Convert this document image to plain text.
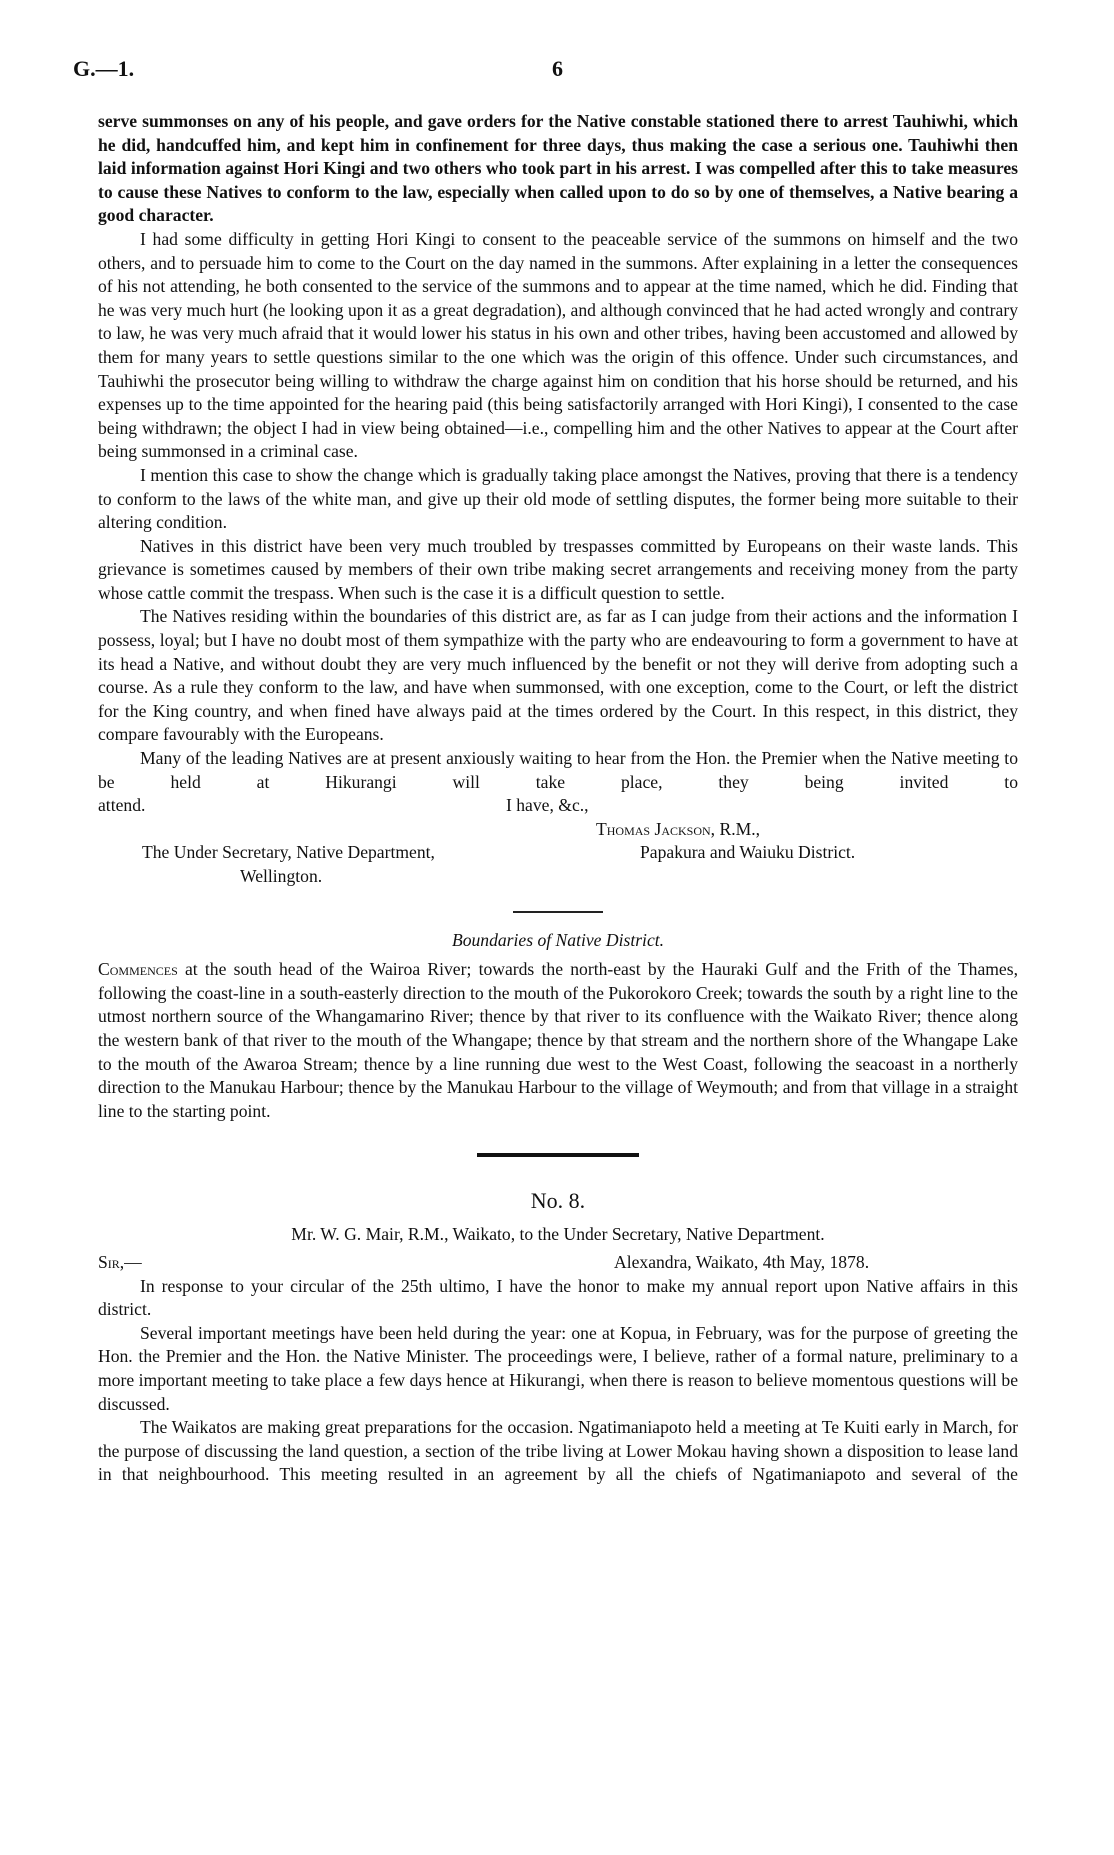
G.—1.	6

serve summonses on any of his people, and gave orders for the Native constable stationed there to arrest Tauhiwhi, which he did, handcuffed him, and kept him in confinement for three days, thus making the case a serious one. Tauhiwhi then laid information against Hori Kingi and two others who took part in his arrest. I was compelled after this to take measures to cause these Natives to conform to the law, especially when called upon to do so by one of themselves, a Native bearing a good character.

I had some difficulty in getting Hori Kingi to consent to the peaceable service of the summons on himself and the two others, and to persuade him to come to the Court on the day named in the summons. After explaining in a letter the consequences of his not attending, he both consented to the service of the summons and to appear at the time named, which he did. Finding that he was very much hurt (he looking upon it as a great degradation), and although convinced that he had acted wrongly and contrary to law, he was very much afraid that it would lower his status in his own and other tribes, having been accustomed and allowed by them for many years to settle questions similar to the one which was the origin of this offence. Under such circumstances, and Tauhiwhi the prosecutor being willing to withdraw the charge against him on condition that his horse should be returned, and his expenses up to the time appointed for the hearing paid (this being satisfactorily arranged with Hori Kingi), I consented to the case being withdrawn; the object I had in view being obtained—i.e., compelling him and the other Natives to appear at the Court after being summonsed in a criminal case.

I mention this case to show the change which is gradually taking place amongst the Natives, proving that there is a tendency to conform to the laws of the white man, and give up their old mode of settling disputes, the former being more suitable to their altering condition.

Natives in this district have been very much troubled by trespasses committed by Europeans on their waste lands. This grievance is sometimes caused by members of their own tribe making secret arrangements and receiving money from the party whose cattle commit the trespass. When such is the case it is a difficult question to settle.

The Natives residing within the boundaries of this district are, as far as I can judge from their actions and the information I possess, loyal; but I have no doubt most of them sympathize with the party who are endeavouring to form a government to have at its head a Native, and without doubt they are very much influenced by the benefit or not they will derive from adopting such a course. As a rule they conform to the law, and have when summonsed, with one exception, come to the Court, or left the district for the King country, and when fined have always paid at the times ordered by the Court. In this respect, in this district, they compare favourably with the Europeans.

Many of the leading Natives are at present anxiously waiting to hear from the Hon. the Premier when the Native meeting to be held at Hikurangi will take place, they being invited to

attend.	I have, &c.,
Thomas Jackson, R.M.,
The Under Secretary, Native Department,	Papakura and Waiuku District.
Wellington.
Boundaries of Native District.

Commences at the south head of the Wairoa River; towards the north-east by the Hauraki Gulf and the Frith of the Thames, following the coast-line in a south-easterly direction to the mouth of the Pukorokoro Creek; towards the south by a right line to the utmost northern source of the Whangamarino River; thence by that river to its confluence with the Waikato River; thence along the western bank of that river to the mouth of the Whangape; thence by that stream and the northern shore of the Whangape Lake to the mouth of the Awaroa Stream; thence by a line running due west to the West Coast, following the seacoast in a northerly direction to the Manukau Harbour; thence by the Manukau Harbour to the village of Weymouth; and from that village in a straight line to the starting point.

No. 8.
Mr. W. G. Mair, R.M., Waikato, to the Under Secretary, Native Department.
Sir,—	Alexandra, Waikato, 4th May, 1878.

In response to your circular of the 25th ultimo, I have the honor to make my annual report upon Native affairs in this district.

Several important meetings have been held during the year: one at Kopua, in February, was for the purpose of greeting the Hon. the Premier and the Hon. the Native Minister. The proceedings were, I believe, rather of a formal nature, preliminary to a more important meeting to take place a few days hence at Hikurangi, when there is reason to believe momentous questions will be discussed.

The Waikatos are making great preparations for the occasion. Ngatimaniapoto held a meeting at Te Kuiti early in March, for the purpose of discussing the land question, a section of the tribe living at Lower Mokau having shown a disposition to lease land in that neighbourhood. This meeting resulted in an agreement by all the chiefs of Ngatimaniapoto and several of the
